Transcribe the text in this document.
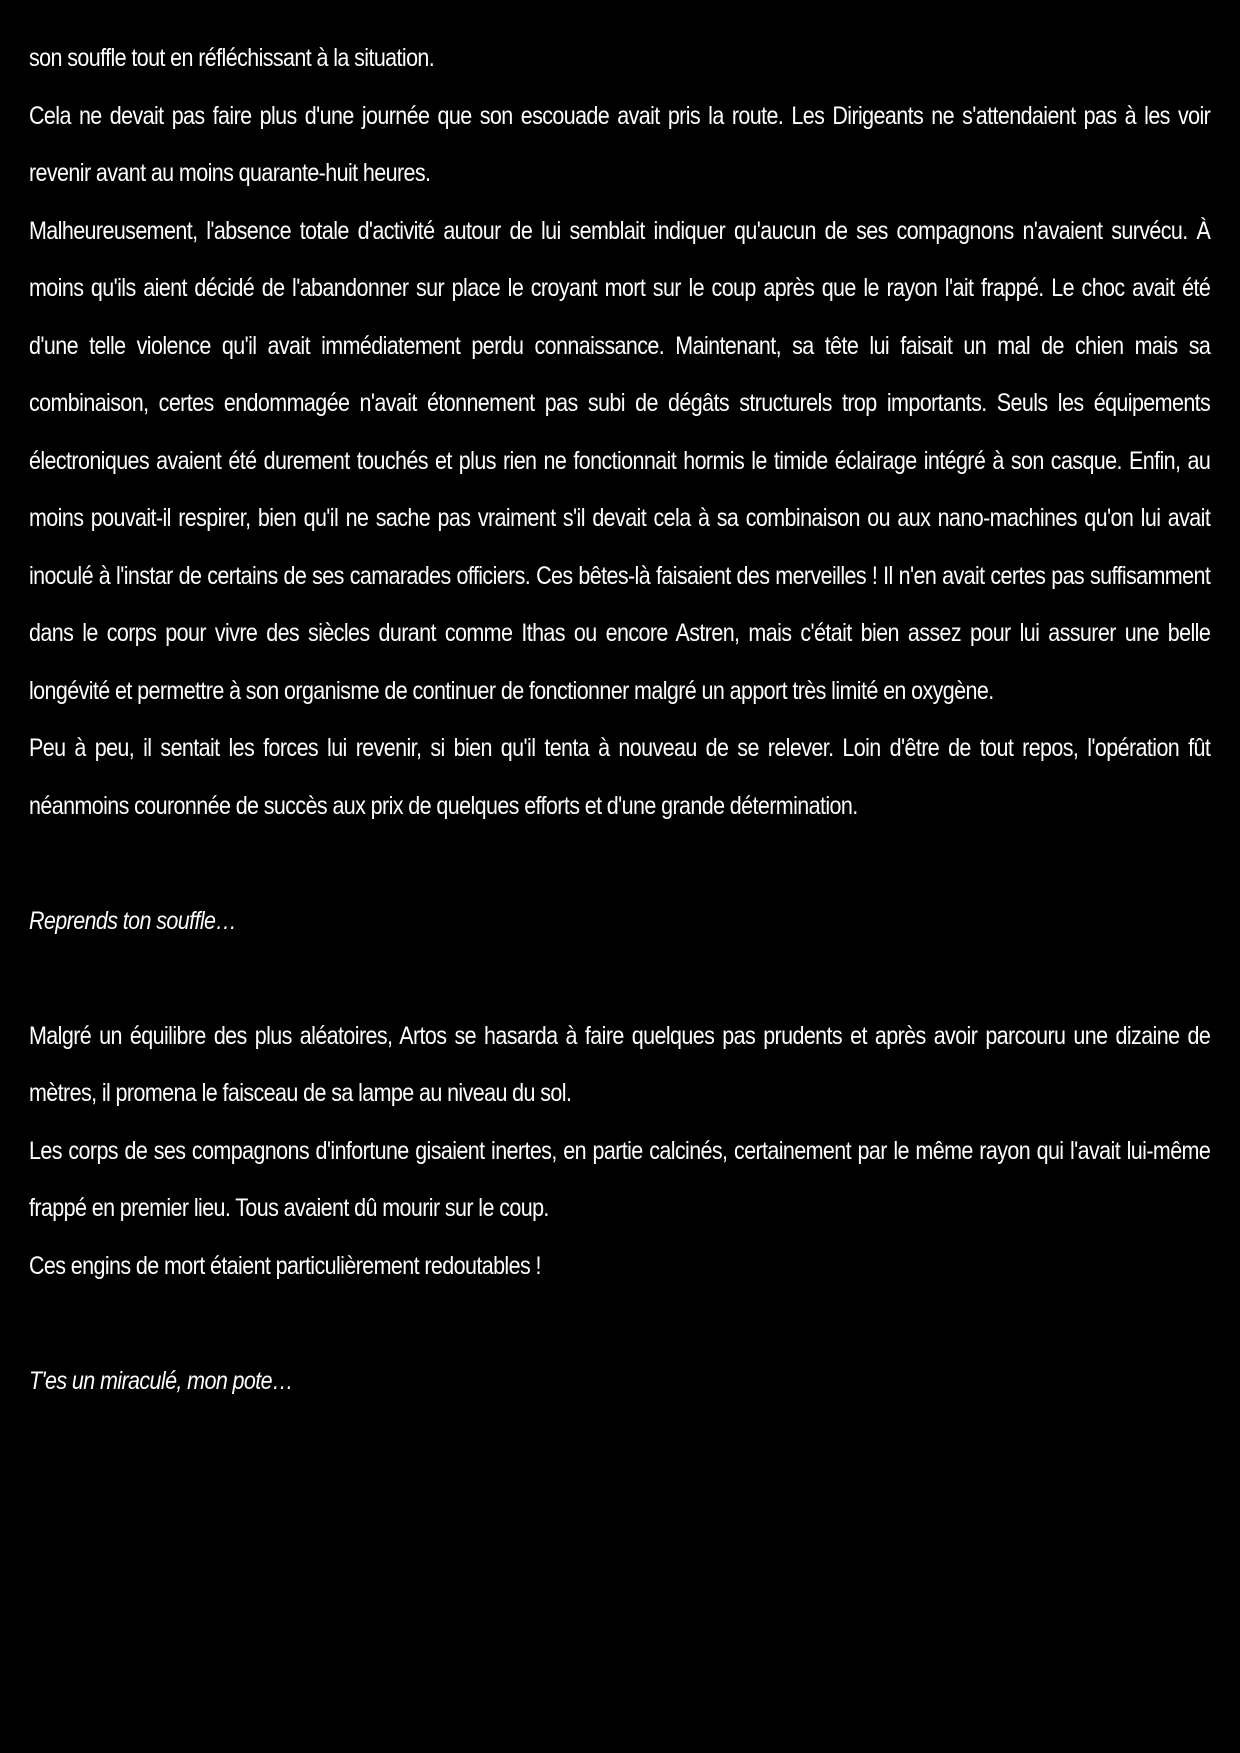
son souffle tout en réfléchissant à la situation.

Cela ne devait pas faire plus d'une journée que son escouade avait pris la route. Les Dirigeants ne s'attendaient pas à les voir revenir avant au moins quarante-huit heures.

Malheureusement, l'absence totale d'activité autour de lui semblait indiquer qu'aucun de ses compagnons n'avaient survécu. À moins qu'ils aient décidé de l'abandonner sur place le croyant mort sur le coup après que le rayon l'ait frappé. Le choc avait été d'une telle violence qu'il avait immédiatement perdu connaissance. Maintenant, sa tête lui faisait un mal de chien mais sa combinaison, certes endommagée n'avait étonnement pas subi de dégâts structurels trop importants. Seuls les équipements électroniques avaient été durement touchés et plus rien ne fonctionnait hormis le timide éclairage intégré à son casque. Enfin, au moins pouvait-il respirer, bien qu'il ne sache pas vraiment s'il devait cela à sa combinaison ou aux nano-machines qu'on lui avait inoculé à l'instar de certains de ses camarades officiers. Ces bêtes-là faisaient des merveilles ! Il n'en avait certes pas suffisamment dans le corps pour vivre des siècles durant comme Ithas ou encore Astren, mais c'était bien assez pour lui assurer une belle longévité et permettre à son organisme de continuer de fonctionner malgré un apport très limité en oxygène.

Peu à peu, il sentait les forces lui revenir, si bien qu'il tenta à nouveau de se relever. Loin d'être de tout repos, l'opération fût néanmoins couronnée de succès aux prix de quelques efforts et d'une grande détermination.

Reprends ton souffle…

Malgré un équilibre des plus aléatoires, Artos se hasarda à faire quelques pas prudents et après avoir parcouru une dizaine de mètres, il promena le faisceau de sa lampe au niveau du sol.

Les corps de ses compagnons d'infortune gisaient inertes, en partie calcinés, certainement par le même rayon qui l'avait lui-même frappé en premier lieu. Tous avaient dû mourir sur le coup.

Ces engins de mort étaient particulièrement redoutables !

T'es un miraculé, mon pote…
